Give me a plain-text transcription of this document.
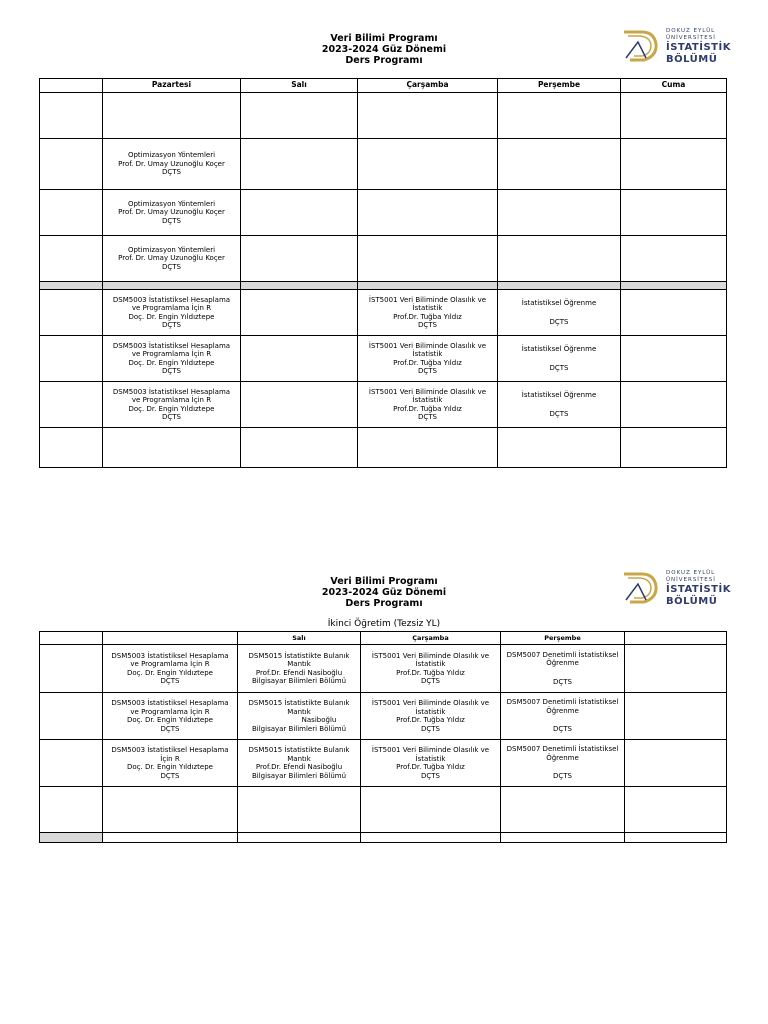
Veri Bilimi Programı
2023-2024 Güz Dönemi
Ders Programı
DOKUZ EYLÜL
ÜNİVERSİTESİ
İSTATİSTİK
BÖLÜMÜ
	Pazartesi	Salı	Çarşamba	Perşembe	Cuma

	Optimizasyon Yöntemleri
Prof. Dr. Umay Uzunoğlu Koçer
DÇTS				

	Optimizasyon Yöntemleri
Prof. Dr. Umay Uzunoğlu Koçer
DÇTS				

	Optimizasyon Yöntemleri
Prof. Dr. Umay Uzunoğlu Koçer
DÇTS				

	DSM5003 İstatistiksel Hesaplama
ve Programlama İçin R
Doç. Dr. Engin Yıldıztepe
DÇTS		İST5001 Veri Biliminde Olasılık ve
İstatistik
Prof.Dr. Tuğba Yıldız
DÇTS	İstatistiksel Öğrenme
DÇTS	

	DSM5003 İstatistiksel Hesaplama
ve Programlama İçin R
Doç. Dr. Engin Yıldıztepe
DÇTS		İST5001 Veri Biliminde Olasılık ve
İstatistik
Prof.Dr. Tuğba Yıldız
DÇTS	İstatistiksel Öğrenme
DÇTS	

	DSM5003 İstatistiksel Hesaplama
ve Programlama İçin R
Doç. Dr. Engin Yıldıztepe
DÇTS		İST5001 Veri Biliminde Olasılık ve
İstatistik
Prof.Dr. Tuğba Yıldız
DÇTS	İstatistiksel Öğrenme
DÇTS	

Veri Bilimi Programı
2023-2024 Güz Dönemi
Ders Programı
DOKUZ EYLÜL
ÜNİVERSİTESİ
İSTATİSTİK
BÖLÜMÜ
İkinci Öğretim (Tezsiz YL)
		Salı	Çarşamba	Perşembe	

	DSM5003 İstatistiksel Hesaplama
ve Programlama İçin R
Doç. Dr. Engin Yıldıztepe
DÇTS	DSM5015 İstatistikte Bulanık
Mantık
Prof.Dr. Efendi Nasiboğlu
Bilgisayar Bilimleri Bölümü	İST5001 Veri Biliminde Olasılık ve
İstatistik
Prof.Dr. Tuğba Yıldız
DÇTS	DSM5007 Denetimli İstatistiksel
Öğrenme
DÇTS	

	DSM5003 İstatistiksel Hesaplama
ve Programlama İçin R
Doç. Dr. Engin Yıldıztepe
DÇTS	DSM5015 İstatistikte Bulanık
Mantık
Nasiboğlu
Bilgisayar Bilimleri Bölümü	İST5001 Veri Biliminde Olasılık ve
İstatistik
Prof.Dr. Tuğba Yıldız
DÇTS	DSM5007 Denetimli İstatistiksel
Öğrenme
DÇTS	

	DSM5003 İstatistiksel Hesaplama
İçin R
Doç. Dr. Engin Yıldıztepe
DÇTS	DSM5015 İstatistikte Bulanık
Mantık
Prof.Dr. Efendi Nasiboğlu
Bilgisayar Bilimleri Bölümü	İST5001 Veri Biliminde Olasılık ve
İstatistik
Prof.Dr. Tuğba Yıldız
DÇTS	DSM5007 Denetimli İstatistiksel
Öğrenme
DÇTS	
